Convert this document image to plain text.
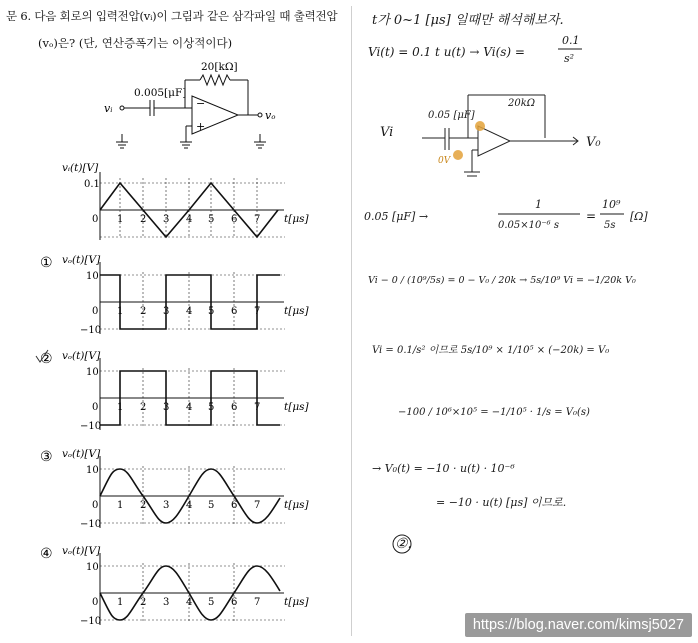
문 6. 다음 회로의 입력전압(vᵢ)이 그림과 같은 삼각파일 때 출력전압
(vₒ)은? (단, 연산증폭기는 이상적이다)
0.005[μF]
20[kΩ]
vᵢ
vₒ
−
+
vᵢ(t)[V]
0.1
0	t[μs]
1 2 3 4 5 6 7
① vₒ(t)[V]
10
−10
0 1 2 3 4 5 6 7 t[μs]
② vₒ(t)[V]
10
−10
0 1 2 3 4 5 6 7 t[μs]
③ vₒ(t)[V]
10
−10
0 1 2 3 4 5 6 7 t[μs]
④ vₒ(t)[V]
10
−10
0 1 2 3 4 5 6 7 t[μs]
t가 0~1 [μs] 일때만 해석해보자.
Vi(t) = 0.1 t u(t) → Vi(s) =
0.1
s²
Vi
0.05 [μF]
20kΩ
0V
V₀
0.05 [μF] →
1
0.05×10⁻⁶ s
=
10⁹
5s
[Ω]
Vi − 0 / (10⁹/5s) = 0 − V₀ / 20k → 5s/10⁹ Vi = −1/20k V₀
Vi = 0.1/s² 이므로 5s/10⁹ × 1/10⁵ × (−20k) = V₀
−100 / 10⁶×10⁵ = −1/10⁵ · 1/s = V₀(s)
→ V₀(t) = −10 · u(t) · 10⁻⁶
= −10 · u(t) [μs] 이므로.
②.
https://blog.naver.com/kimsj5027
